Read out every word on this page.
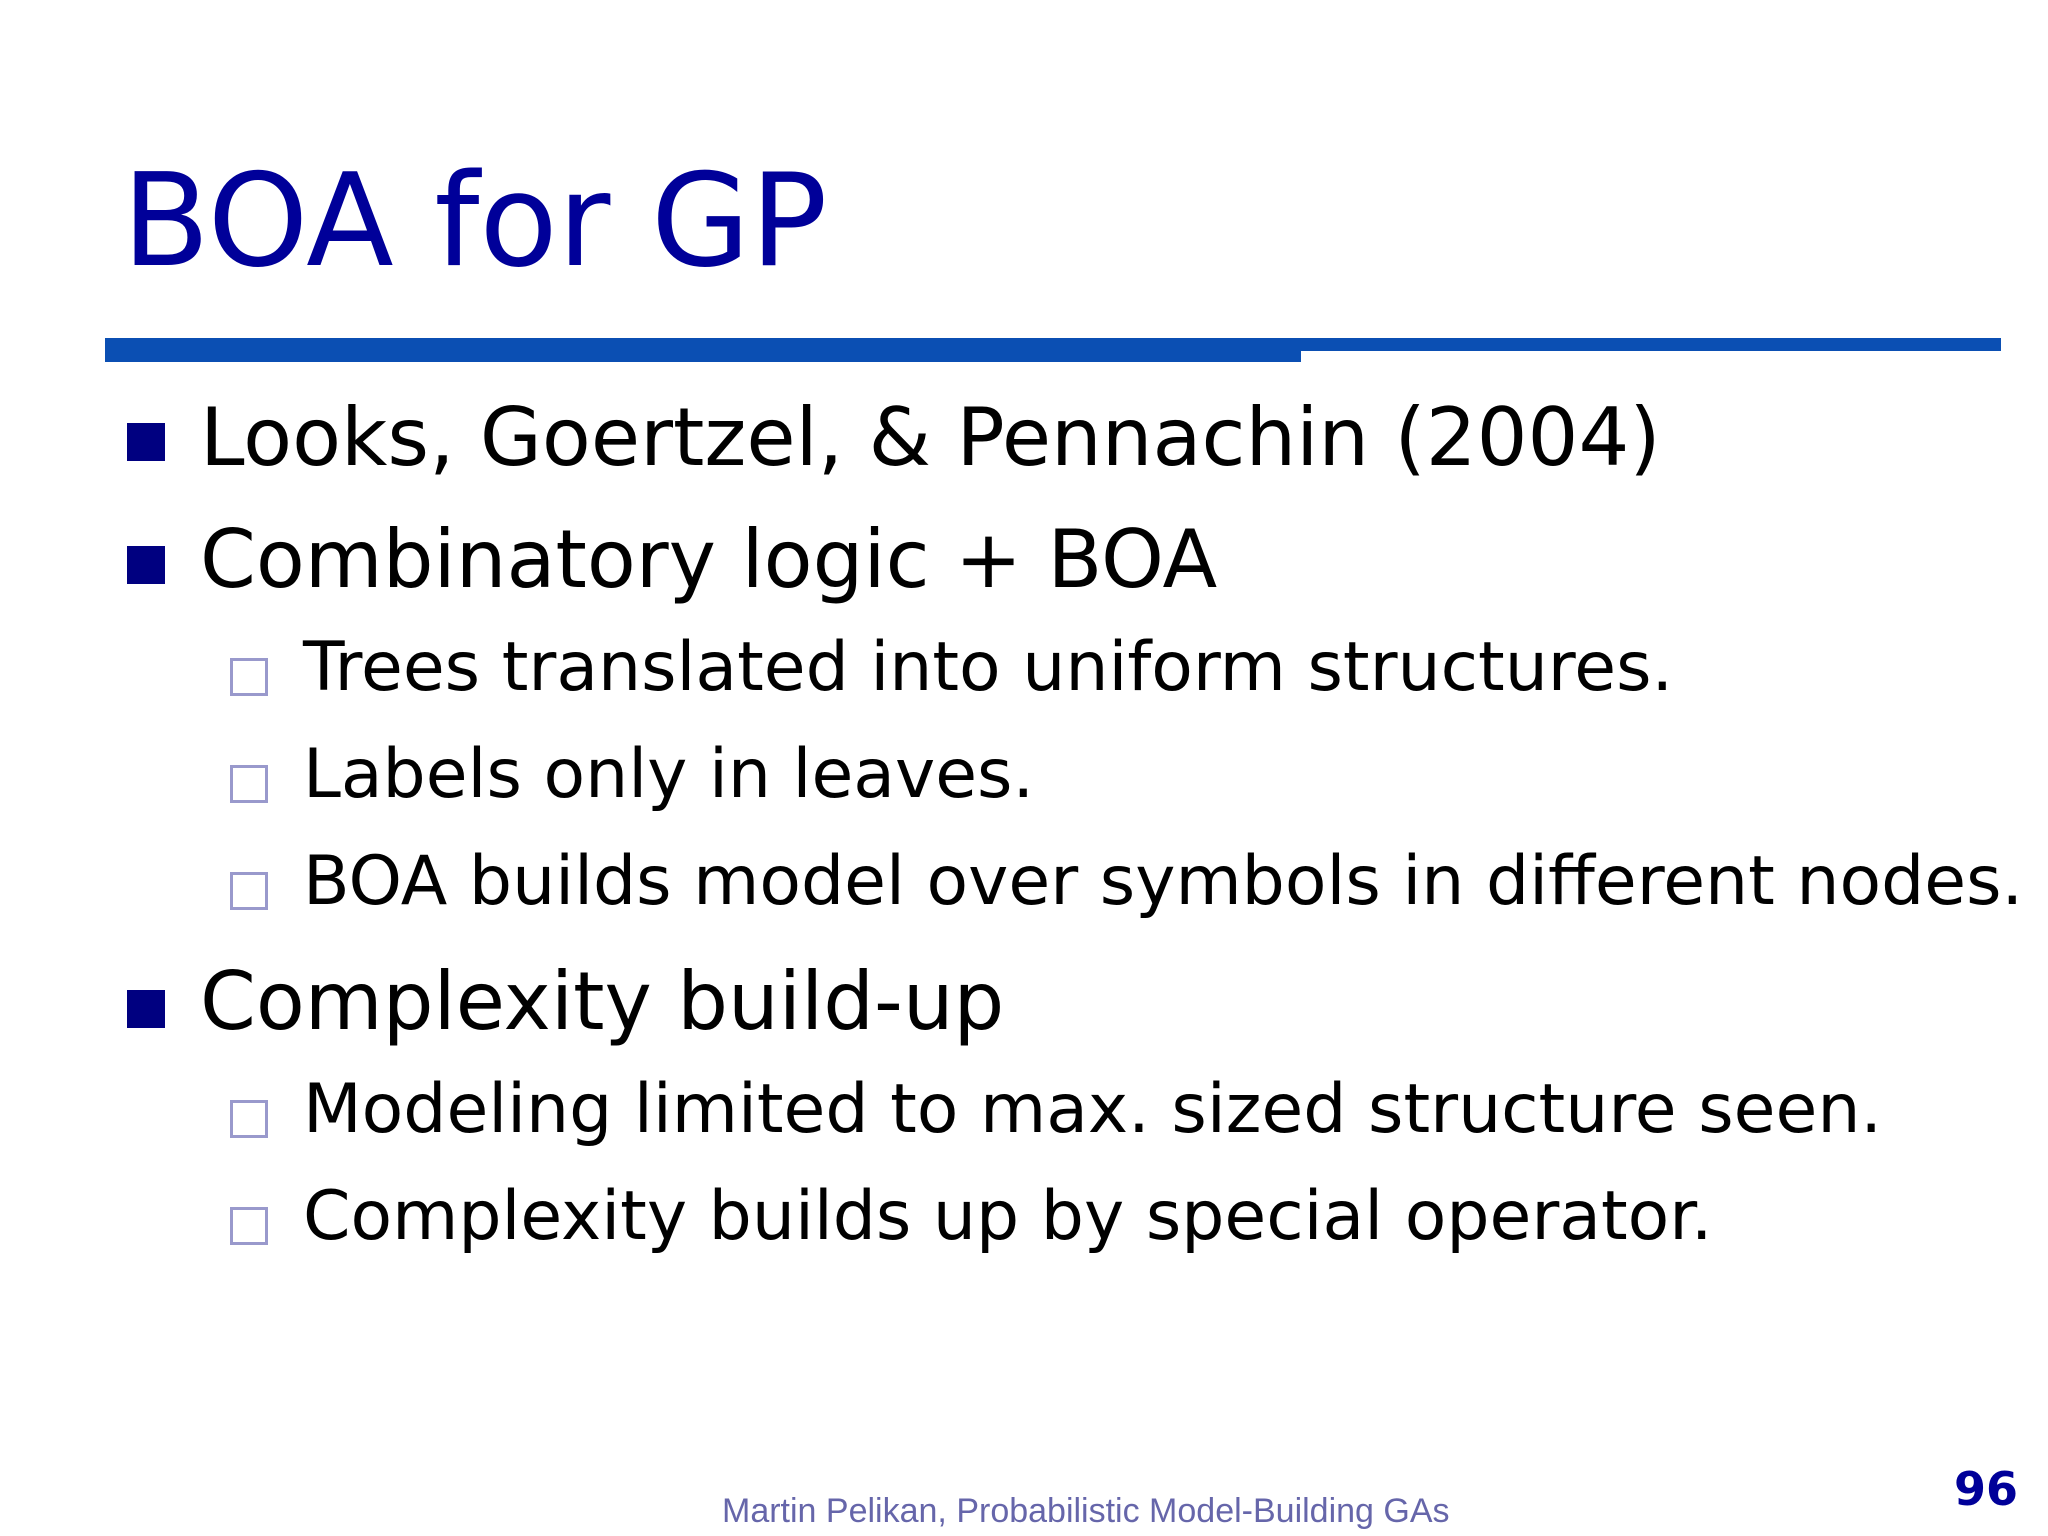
BOA for GP
Looks, Goertzel, & Pennachin (2004)
Combinatory logic + BOA
Trees translated into uniform structures.
Labels only in leaves.
BOA builds model over symbols in different nodes.
Complexity build-up
Modeling limited to max. sized structure seen.
Complexity builds up by special operator.
Martin Pelikan, Probabilistic Model-Building GAs	96
